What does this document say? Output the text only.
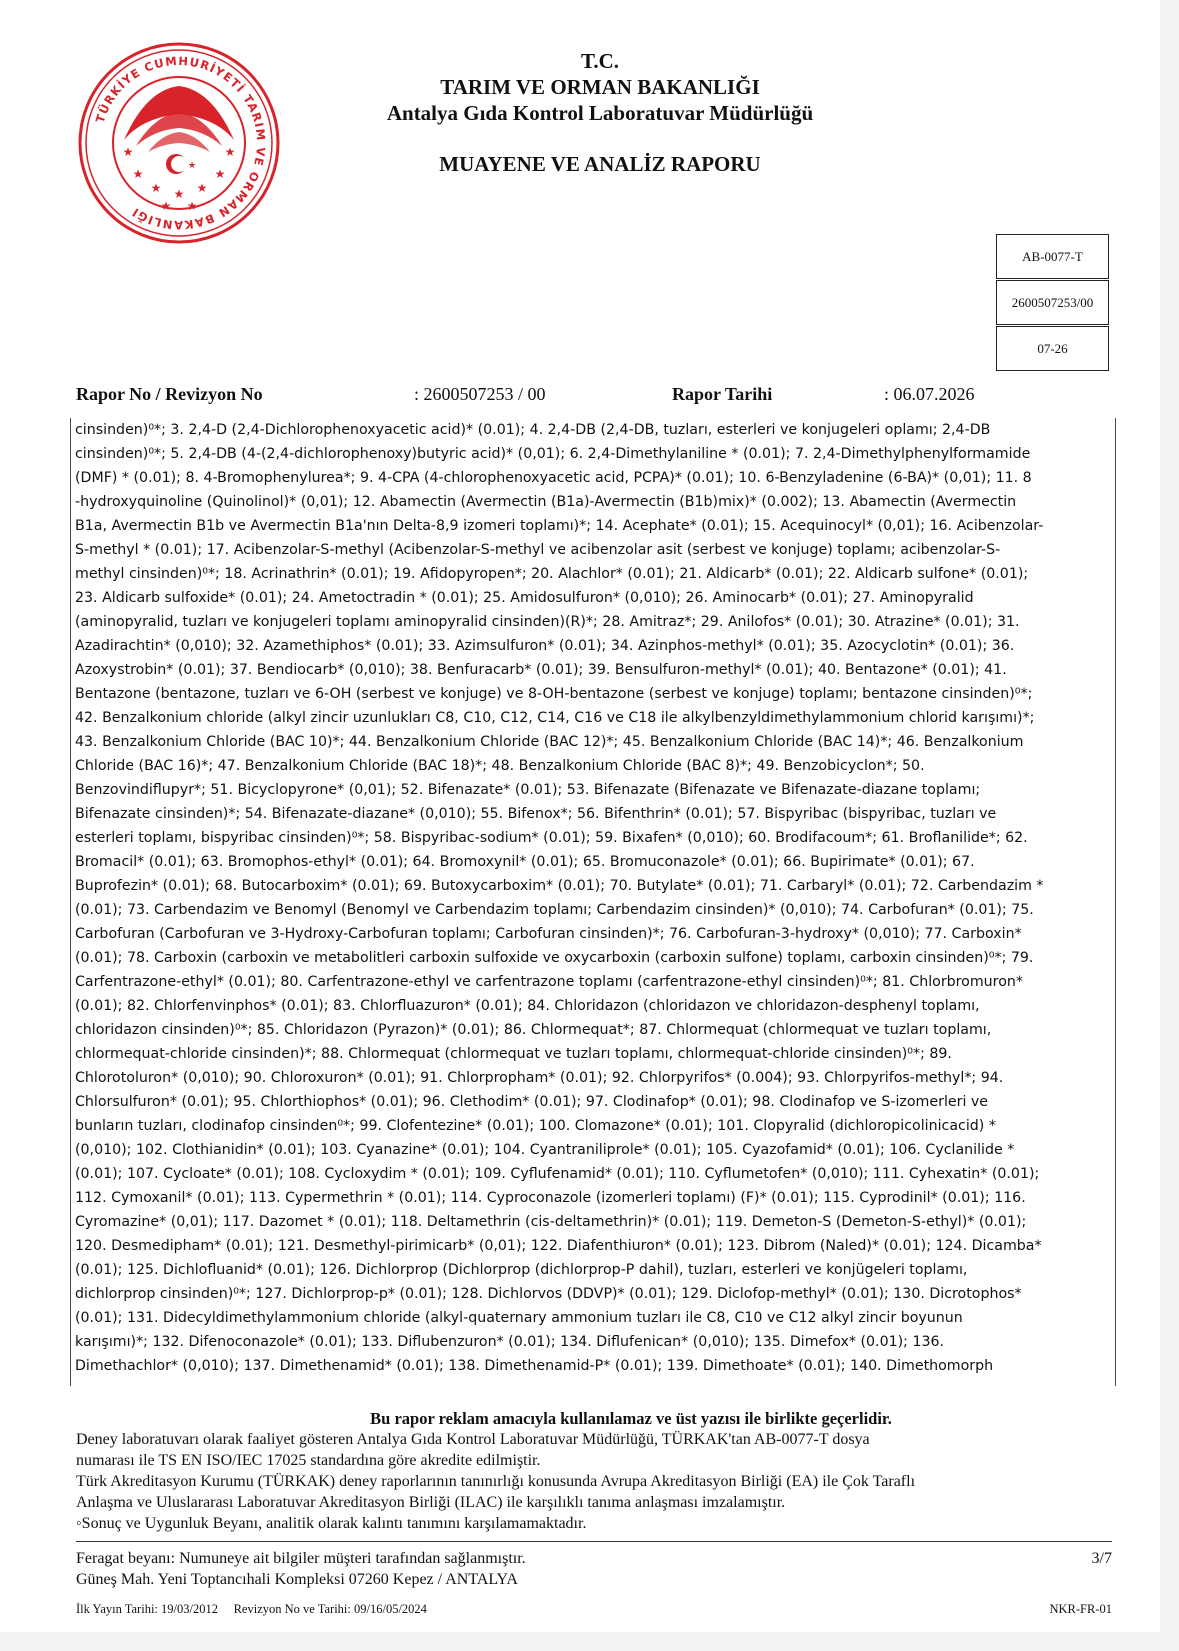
TÜRKİYE CUMHURİYETİ TARIM VE ORMAN BAKANLIĞI
★
★	★
★	★
★	★
★ ★
★
T.C.
TARIM VE ORMAN BAKANLIĞI
Antalya Gıda Kontrol Laboratuvar Müdürlüğü
MUAYENE VE ANALİZ RAPORU
AB-0077-T
2600507253/00
07-26
Rapor No / Revizyon No	: 2600507253 / 00	Rapor Tarihi	: 06.07.2026
cinsinden)⁰*; 3. 2,4-D (2,4-Dichlorophenoxyacetic acid)* (0.01); 4. 2,4-DB (2,4-DB, tuzları, esterleri ve konjugeleri oplamı; 2,4-DB
cinsinden)⁰*; 5. 2,4-DB (4-(2,4-dichlorophenoxy)butyric acid)* (0,01); 6. 2,4-Dimethylaniline * (0.01); 7. 2,4-Dimethylphenylformamide
(DMF) * (0.01); 8. 4-Bromophenylurea*; 9. 4-CPA (4-chlorophenoxyacetic acid, PCPA)* (0.01); 10. 6-Benzyladenine (6-BA)* (0,01); 11. 8
-hydroxyquinoline (Quinolinol)* (0,01); 12. Abamectin (Avermectin (B1a)-Avermectin (B1b)mix)* (0.002); 13. Abamectin (Avermectin
B1a, Avermectin B1b ve Avermectin B1a'nın Delta-8,9 izomeri toplamı)*; 14. Acephate* (0.01); 15. Acequinocyl* (0,01); 16. Acibenzolar-
S-methyl * (0.01); 17. Acibenzolar-S-methyl (Acibenzolar-S-methyl ve acibenzolar asit (serbest ve konjuge) toplamı; acibenzolar-S-
methyl cinsinden)⁰*; 18. Acrinathrin* (0.01); 19. Afidopyropen*; 20. Alachlor* (0.01); 21. Aldicarb* (0.01); 22. Aldicarb sulfone* (0.01);
23. Aldicarb sulfoxide* (0.01); 24. Ametoctradin * (0.01); 25. Amidosulfuron* (0,010); 26. Aminocarb* (0.01); 27. Aminopyralid
(aminopyralid, tuzları ve konjugeleri toplamı aminopyralid cinsinden)(R)*; 28. Amitraz*; 29. Anilofos* (0.01); 30. Atrazine* (0.01); 31.
Azadirachtin* (0,010); 32. Azamethiphos* (0.01); 33. Azimsulfuron* (0.01); 34. Azinphos-methyl* (0.01); 35. Azocyclotin* (0.01); 36.
Azoxystrobin* (0.01); 37. Bendiocarb* (0,010); 38. Benfuracarb* (0.01); 39. Bensulfuron-methyl* (0.01); 40. Bentazone* (0.01); 41.
Bentazone (bentazone, tuzları ve 6-OH (serbest ve konjuge) ve 8-OH-bentazone (serbest ve konjuge) toplamı; bentazone cinsinden)⁰*;
42. Benzalkonium chloride (alkyl zincir uzunlukları C8, C10, C12, C14, C16 ve C18 ile alkylbenzyldimethylammonium chlorid karışımı)*;
43. Benzalkonium Chloride (BAC 10)*; 44. Benzalkonium Chloride (BAC 12)*; 45. Benzalkonium Chloride (BAC 14)*; 46. Benzalkonium
Chloride (BAC 16)*; 47. Benzalkonium Chloride (BAC 18)*; 48. Benzalkonium Chloride (BAC 8)*; 49. Benzobicyclon*; 50.
Benzovindiflupyr*; 51. Bicyclopyrone* (0,01); 52. Bifenazate* (0.01); 53. Bifenazate (Bifenazate ve Bifenazate-diazane toplamı;
Bifenazate cinsinden)*; 54. Bifenazate-diazane* (0,010); 55. Bifenox*; 56. Bifenthrin* (0.01); 57. Bispyribac (bispyribac, tuzları ve
esterleri toplamı, bispyribac cinsinden)⁰*; 58. Bispyribac-sodium* (0.01); 59. Bixafen* (0,010); 60. Brodifacoum*; 61. Broflanilide*; 62.
Bromacil* (0.01); 63. Bromophos-ethyl* (0.01); 64. Bromoxynil* (0.01); 65. Bromuconazole* (0.01); 66. Bupirimate* (0.01); 67.
Buprofezin* (0.01); 68. Butocarboxim* (0.01); 69. Butoxycarboxim* (0.01); 70. Butylate* (0.01); 71. Carbaryl* (0.01); 72. Carbendazim *
(0.01); 73. Carbendazim ve Benomyl (Benomyl ve Carbendazim toplamı; Carbendazim cinsinden)* (0,010); 74. Carbofuran* (0.01); 75.
Carbofuran (Carbofuran ve 3-Hydroxy-Carbofuran toplamı; Carbofuran cinsinden)*; 76. Carbofuran-3-hydroxy* (0,010); 77. Carboxin*
(0.01); 78. Carboxin (carboxin ve metabolitleri carboxin sulfoxide ve oxycarboxin (carboxin sulfone) toplamı, carboxin cinsinden)⁰*; 79.
Carfentrazone-ethyl* (0.01); 80. Carfentrazone-ethyl ve carfentrazone toplamı (carfentrazone-ethyl cinsinden)⁰*; 81. Chlorbromuron*
(0.01); 82. Chlorfenvinphos* (0.01); 83. Chlorfluazuron* (0.01); 84. Chloridazon (chloridazon ve chloridazon-desphenyl toplamı,
chloridazon cinsinden)⁰*; 85. Chloridazon (Pyrazon)* (0.01); 86. Chlormequat*; 87. Chlormequat (chlormequat ve tuzları toplamı,
chlormequat-chloride cinsinden)*; 88. Chlormequat (chlormequat ve tuzları toplamı, chlormequat-chloride cinsinden)⁰*; 89.
Chlorotoluron* (0,010); 90. Chloroxuron* (0.01); 91. Chlorpropham* (0.01); 92. Chlorpyrifos* (0.004); 93. Chlorpyrifos-methyl*; 94.
Chlorsulfuron* (0.01); 95. Chlorthiophos* (0.01); 96. Clethodim* (0.01); 97. Clodinafop* (0.01); 98. Clodinafop ve S-izomerleri ve
bunların tuzları, clodinafop cinsinden⁰*; 99. Clofentezine* (0.01); 100. Clomazone* (0.01); 101. Clopyralid (dichloropicolinicacid) *
(0,010); 102. Clothianidin* (0.01); 103. Cyanazine* (0.01); 104. Cyantraniliprole* (0.01); 105. Cyazofamid* (0.01); 106. Cyclanilide *
(0.01); 107. Cycloate* (0.01); 108. Cycloxydim * (0.01); 109. Cyflufenamid* (0.01); 110. Cyflumetofen* (0,010); 111. Cyhexatin* (0.01);
112. Cymoxanil* (0.01); 113. Cypermethrin * (0.01); 114. Cyproconazole (izomerleri toplamı) (F)* (0.01); 115. Cyprodinil* (0.01); 116.
Cyromazine* (0,01); 117. Dazomet * (0.01); 118. Deltamethrin (cis-deltamethrin)* (0.01); 119. Demeton-S (Demeton-S-ethyl)* (0.01);
120. Desmedipham* (0.01); 121. Desmethyl-pirimicarb* (0,01); 122. Diafenthiuron* (0.01); 123. Dibrom (Naled)* (0.01); 124. Dicamba*
(0.01); 125. Dichlofluanid* (0.01); 126. Dichlorprop (Dichlorprop (dichlorprop-P dahil), tuzları, esterleri ve konjügeleri toplamı,
dichlorprop cinsinden)⁰*; 127. Dichlorprop-p* (0.01); 128. Dichlorvos (DDVP)* (0.01); 129. Diclofop-methyl* (0.01); 130. Dicrotophos*
(0.01); 131. Didecyldimethylammonium chloride (alkyl-quaternary ammonium tuzları ile C8, C10 ve C12 alkyl zincir boyunun
karışımı)*; 132. Difenoconazole* (0.01); 133. Diflubenzuron* (0.01); 134. Diflufenican* (0,010); 135. Dimefox* (0.01); 136.
Dimethachlor* (0,010); 137. Dimethenamid* (0.01); 138. Dimethenamid-P* (0.01); 139. Dimethoate* (0.01); 140. Dimethomorph
Bu rapor reklam amacıyla kullanılamaz ve üst yazısı ile birlikte geçerlidir.
Deney laboratuvarı olarak faaliyet gösteren Antalya Gıda Kontrol Laboratuvar Müdürlüğü, TÜRKAK'tan AB-0077-T dosya
numarası ile TS EN ISO/IEC 17025 standardına göre akredite edilmiştir.
Türk Akreditasyon Kurumu (TÜRKAK) deney raporlarının tanınırlığı konusunda Avrupa Akreditasyon Birliği (EA) ile Çok Taraflı
Anlaşma ve Uluslararası Laboratuvar Akreditasyon Birliği (ILAC) ile karşılıklı tanıma anlaşması imzalamıştır.
◦Sonuç ve Uygunluk Beyanı, analitik olarak kalıntı tanımını karşılamamaktadır.
Feragat beyanı: Numuneye ait bilgiler müşteri tarafından sağlanmıştır.
Güneş Mah. Yeni Toptancıhali Kompleksi 07260 Kepez / ANTALYA
3/7
İlk Yayın Tarihi: 19/03/2012 Revizyon No ve Tarihi: 09/16/05/2024	NKR-FR-01
